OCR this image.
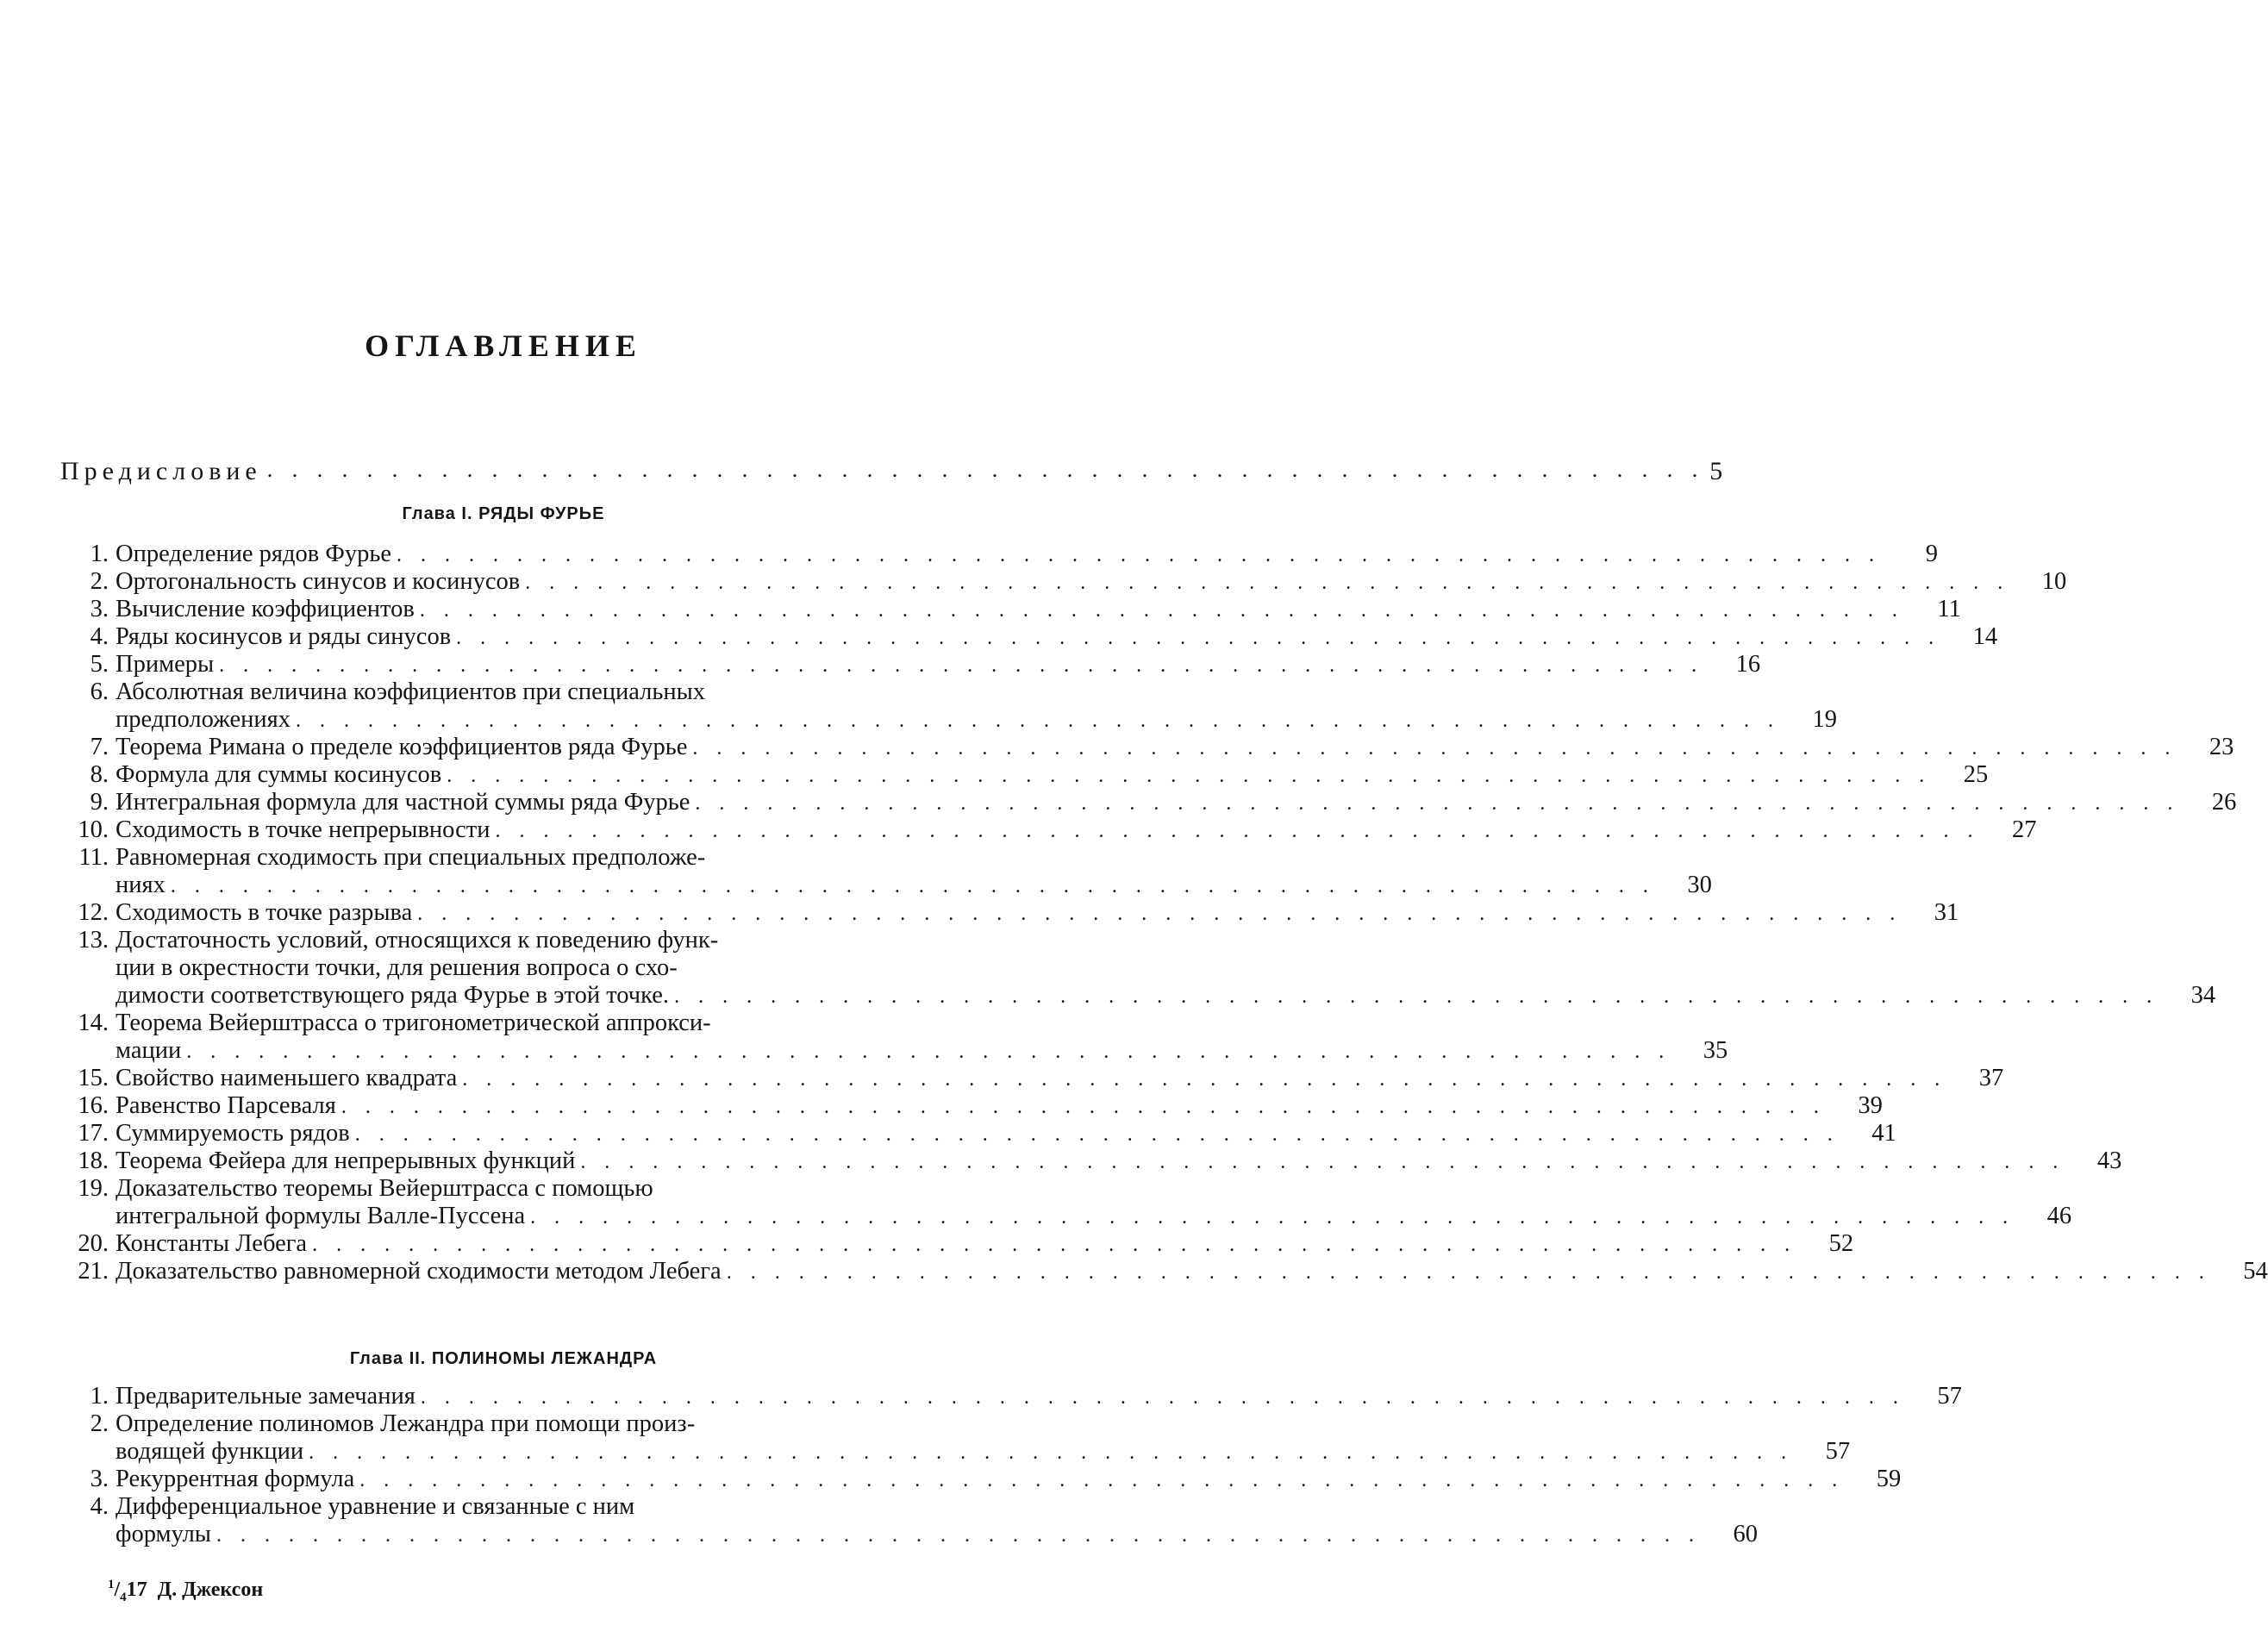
ОГЛАВЛЕНИЕ
Предисловие . . . . . . . . . . . . . . . . . . . . . . . . . . . . . . . . . . . . . . . . . . . . . . . . . . . . . . . . . . 5
Глава I. РЯДЫ ФУРЬЕ
1. Определение рядов Фурье . . . . . . . . . . . . . . . . . . . . . . . . . . . . . . . . . . . . . . . . . . . . . . . . . . . . . . . . . . . . . .	9
2. Ортогональность синусов и косинусов . . . . . . . . . . . . . . . . . . . . . . . . . . . . . . . . . . . . . . . . . . . . . . . . . . . . . . . . . . . . . .	10
3. Вычисление коэффициентов . . . . . . . . . . . . . . . . . . . . . . . . . . . . . . . . . . . . . . . . . . . . . . . . . . . . . . . . . . . . . .	11
4. Ряды косинусов и ряды синусов . . . . . . . . . . . . . . . . . . . . . . . . . . . . . . . . . . . . . . . . . . . . . . . . . . . . . . . . . . . . . .	14
5. Примеры . . . . . . . . . . . . . . . . . . . . . . . . . . . . . . . . . . . . . . . . . . . . . . . . . . . . . . . . . . . . . .	16
6. Абсолютная величина коэффициентов при специальных
предположениях . . . . . . . . . . . . . . . . . . . . . . . . . . . . . . . . . . . . . . . . . . . . . . . . . . . . . . . . . . . . . .	19
7. Теорема Римана о пределе коэффициентов ряда Фурье . . . . . . . . . . . . . . . . . . . . . . . . . . . . . . . . . . . . . . . . . . . . . . . . . . . . . . . . . . . . . .	23
8. Формула для суммы косинусов . . . . . . . . . . . . . . . . . . . . . . . . . . . . . . . . . . . . . . . . . . . . . . . . . . . . . . . . . . . . . .	25
9. Интегральная формула для частной суммы ряда Фурье . . . . . . . . . . . . . . . . . . . . . . . . . . . . . . . . . . . . . . . . . . . . . . . . . . . . . . . . . . . . . .	26
10. Сходимость в точке непрерывности . . . . . . . . . . . . . . . . . . . . . . . . . . . . . . . . . . . . . . . . . . . . . . . . . . . . . . . . . . . . . .	27
11. Равномерная сходимость при специальных предположе-
ниях . . . . . . . . . . . . . . . . . . . . . . . . . . . . . . . . . . . . . . . . . . . . . . . . . . . . . . . . . . . . . .	30
12. Сходимость в точке разрыва . . . . . . . . . . . . . . . . . . . . . . . . . . . . . . . . . . . . . . . . . . . . . . . . . . . . . . . . . . . . . .	31
13. Достаточность условий, относящихся к поведению функ-
ции в окрестности точки, для решения вопроса о схо-
димости соответствующего ряда Фурье в этой точке. . . . . . . . . . . . . . . . . . . . . . . . . . . . . . . . . . . . . . . . . . . . . . . . . . . . . . . . . . . . . . .	34
14. Теорема Вейерштрасса о тригонометрической аппрокси-
мации . . . . . . . . . . . . . . . . . . . . . . . . . . . . . . . . . . . . . . . . . . . . . . . . . . . . . . . . . . . . . .	35
15. Свойство наименьшего квадрата . . . . . . . . . . . . . . . . . . . . . . . . . . . . . . . . . . . . . . . . . . . . . . . . . . . . . . . . . . . . . .	37
16. Равенство Парсеваля . . . . . . . . . . . . . . . . . . . . . . . . . . . . . . . . . . . . . . . . . . . . . . . . . . . . . . . . . . . . . .	39
17. Суммируемость рядов . . . . . . . . . . . . . . . . . . . . . . . . . . . . . . . . . . . . . . . . . . . . . . . . . . . . . . . . . . . . . .	41
18. Теорема Фейера для непрерывных функций . . . . . . . . . . . . . . . . . . . . . . . . . . . . . . . . . . . . . . . . . . . . . . . . . . . . . . . . . . . . . .	43
19. Доказательство теоремы Вейерштрасса с помощью
интегральной формулы Валле-Пуссена . . . . . . . . . . . . . . . . . . . . . . . . . . . . . . . . . . . . . . . . . . . . . . . . . . . . . . . . . . . . . .	46
20. Константы Лебега . . . . . . . . . . . . . . . . . . . . . . . . . . . . . . . . . . . . . . . . . . . . . . . . . . . . . . . . . . . . . .	52
21. Доказательство равномерной сходимости методом Лебега . . . . . . . . . . . . . . . . . . . . . . . . . . . . . . . . . . . . . . . . . . . . . . . . . . . . . . . . . . . . . .	54
Глава II. ПОЛИНОМЫ ЛЕЖАНДРА
1. Предварительные замечания . . . . . . . . . . . . . . . . . . . . . . . . . . . . . . . . . . . . . . . . . . . . . . . . . . . . . . . . . . . . . .	57
2. Определение полиномов Лежандра при помощи произ-
водящей функции . . . . . . . . . . . . . . . . . . . . . . . . . . . . . . . . . . . . . . . . . . . . . . . . . . . . . . . . . . . . . .	57
3. Рекуррентная формула . . . . . . . . . . . . . . . . . . . . . . . . . . . . . . . . . . . . . . . . . . . . . . . . . . . . . . . . . . . . . .	59
4. Дифференциальное уравнение и связанные с ним
формулы . . . . . . . . . . . . . . . . . . . . . . . . . . . . . . . . . . . . . . . . . . . . . . . . . . . . . . . . . . . . . .	60
$^1/_417$ Д. Джексон
